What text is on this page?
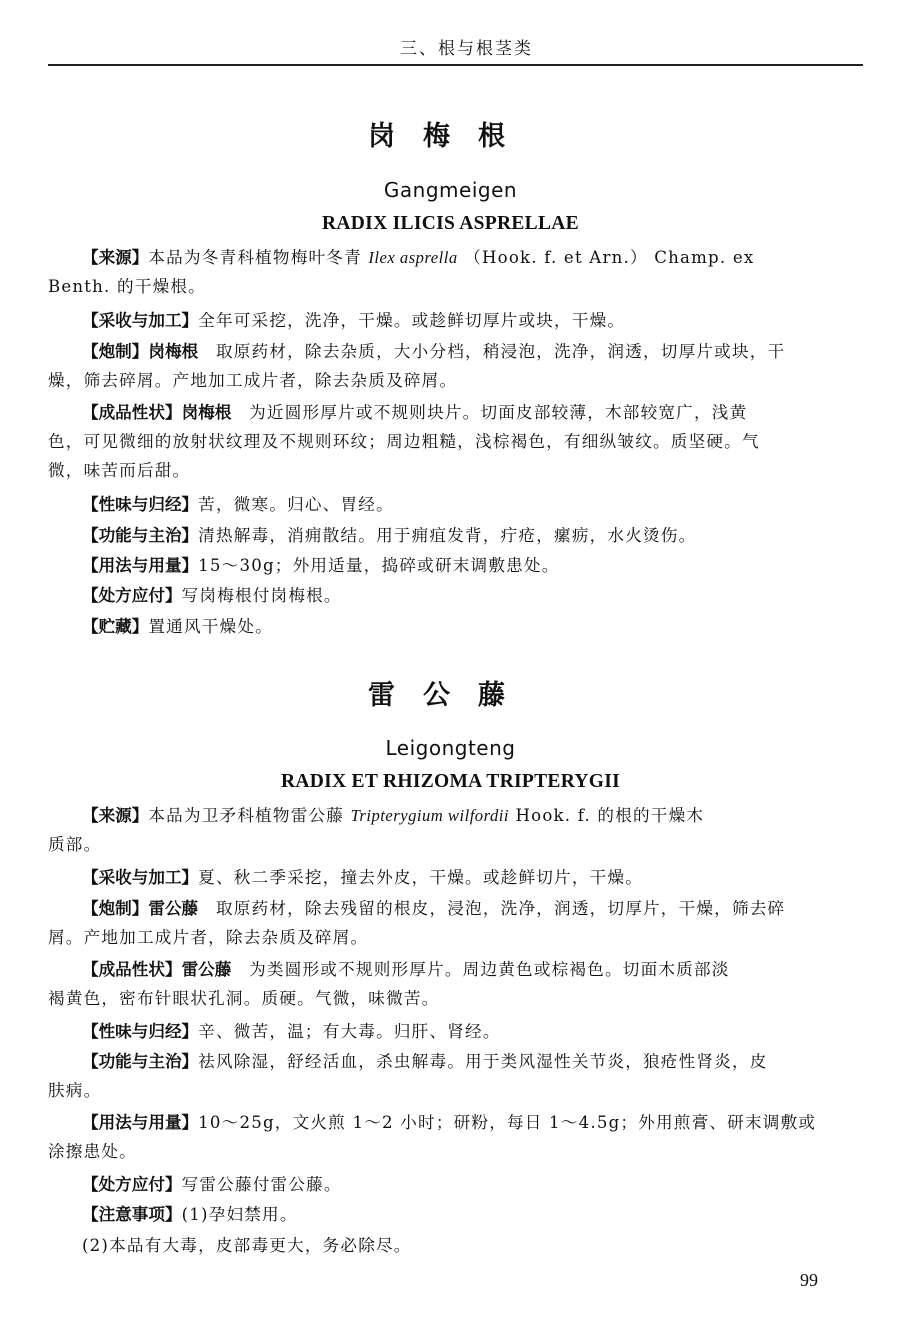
三、根与根茎类
岗梅根
Gangmeigen
RADIX ILICIS ASPRELLAE
【来源】本品为冬青科植物梅叶冬青 Ilex asprella （Hook. f. et Arn.） Champ. ex
Benth. 的干燥根。
【采收与加工】全年可采挖，洗净，干燥。或趁鲜切厚片或块，干燥。
【炮制】岗梅根　取原药材，除去杂质，大小分档，稍浸泡，洗净，润透，切厚片或块，干
燥，筛去碎屑。产地加工成片者，除去杂质及碎屑。
【成品性状】岗梅根　为近圆形厚片或不规则块片。切面皮部较薄，木部较宽广，浅黄
色，可见微细的放射状纹理及不规则环纹；周边粗糙，浅棕褐色，有细纵皱纹。质坚硬。气
微，味苦而后甜。
【性味与归经】苦，微寒。归心、胃经。
【功能与主治】清热解毒，消痈散结。用于痈疽发背，疔疮，瘰疬，水火烫伤。
【用法与用量】15～30g；外用适量，捣碎或研末调敷患处。
【处方应付】写岗梅根付岗梅根。
【贮藏】置通风干燥处。
雷公藤
Leigongteng
RADIX ET RHIZOMA TRIPTERYGII
【来源】本品为卫矛科植物雷公藤 Tripterygium wilfordii Hook. f. 的根的干燥木
质部。
【采收与加工】夏、秋二季采挖，撞去外皮，干燥。或趁鲜切片，干燥。
【炮制】雷公藤　取原药材，除去残留的根皮，浸泡，洗净，润透，切厚片，干燥，筛去碎
屑。产地加工成片者，除去杂质及碎屑。
【成品性状】雷公藤　为类圆形或不规则形厚片。周边黄色或棕褐色。切面木质部淡
褐黄色，密布针眼状孔洞。质硬。气微，味微苦。
【性味与归经】辛、微苦，温；有大毒。归肝、肾经。
【功能与主治】祛风除湿，舒经活血，杀虫解毒。用于类风湿性关节炎，狼疮性肾炎，皮
肤病。
【用法与用量】10～25g，文火煎 1～2 小时；研粉，每日 1～4.5g；外用煎膏、研末调敷或
涂擦患处。
【处方应付】写雷公藤付雷公藤。
【注意事项】(1)孕妇禁用。
(2)本品有大毒，皮部毒更大，务必除尽。
99
